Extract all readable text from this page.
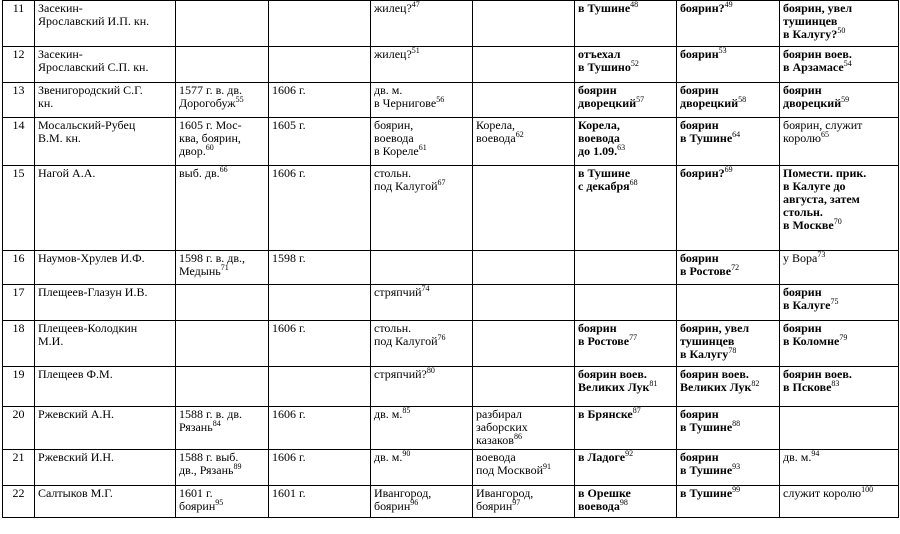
11	Засекин-
Ярославский И.П. кн.			жилец?$^{47}$		в Тушине$^{48}$	боярин?$^{49}$	боярин, увел
тушинцев
в Калугу?$^{50}$
12	Засекин-
Ярославский С.П. кн.			жилец?$^{51}$		отъехал
в Тушино$^{52}$	боярин$^{53}$	боярин воев.
в Арзамасе$^{54}$
13	Звенигородский С.Г.
кн.	1577 г. в. дв.
Дорогобуж$^{55}$	1606 г.	дв. м.
в Чернигове$^{56}$		боярин
дворецкий$^{57}$	боярин
дворецкий$^{58}$	боярин
дворецкий$^{59}$
14	Мосальский-Рубец
В.М. кн.	1605 г. Мос-
ква, боярин,
двор.$^{60}$	1605 г.	боярин,
воевода
в Кореле$^{61}$	Корела,
воевода$^{62}$	Корела,
воевода
до 1.09.63	боярин
в Тушине$^{64}$	боярин, служит
королю$^{65}$
15	Нагой А.А.	выб. дв.$^{66}$	1606 г.	стольн.
под Калугой$^{67}$		в Тушине
с декабря$^{68}$	боярин?$^{69}$	Помести. прик.
в Калуге до
августа, затем
стольн.
в Москве$^{70}$
16	Наумов-Хрулев И.Ф.	1598 г. в. дв.,
Медынь$^{71}$	1598 г.				боярин
в Ростове$^{72}$	у Вора$^{73}$
17	Плещеев-Глазун И.В.			стряпчий$^{74}$				боярин
в Калуге$^{75}$
18	Плещеев-Колодкин
М.И.		1606 г.	стольн.
под Калугой$^{76}$		боярин
в Ростове$^{77}$	боярин, увел
тушинцев
в Калугу$^{78}$	боярин
в Коломне$^{79}$
19	Плещеев Ф.М.			стряпчий?$^{80}$		боярин воев.
Великих Лук$^{81}$	боярин воев.
Великих Лук$^{82}$	боярин воев.
в Пскове$^{83}$
20	Ржевский А.Н.	1588 г. в. дв.
Рязань$^{84}$	1606 г.	дв. м.$^{85}$	разбирал
заборских
казаков$^{86}$	в Брянске$^{87}$	боярин
в Тушине$^{88}$	
21	Ржевский И.Н.	1588 г. выб.
дв., Рязань$^{89}$	1606 г.	дв. м.$^{90}$	воевода
под Москвой$^{91}$	в Ладоге$^{92}$	боярин
в Тушине$^{93}$	дв. м.$^{94}$
22	Салтыков М.Г.	1601 г.
боярин$^{95}$	1601 г.	Ивангород,
боярин$^{96}$	Ивангород,
боярин$^{97}$	в Орешке
воевода$^{98}$	в Тушине$^{99}$	служит королю$^{100}$
